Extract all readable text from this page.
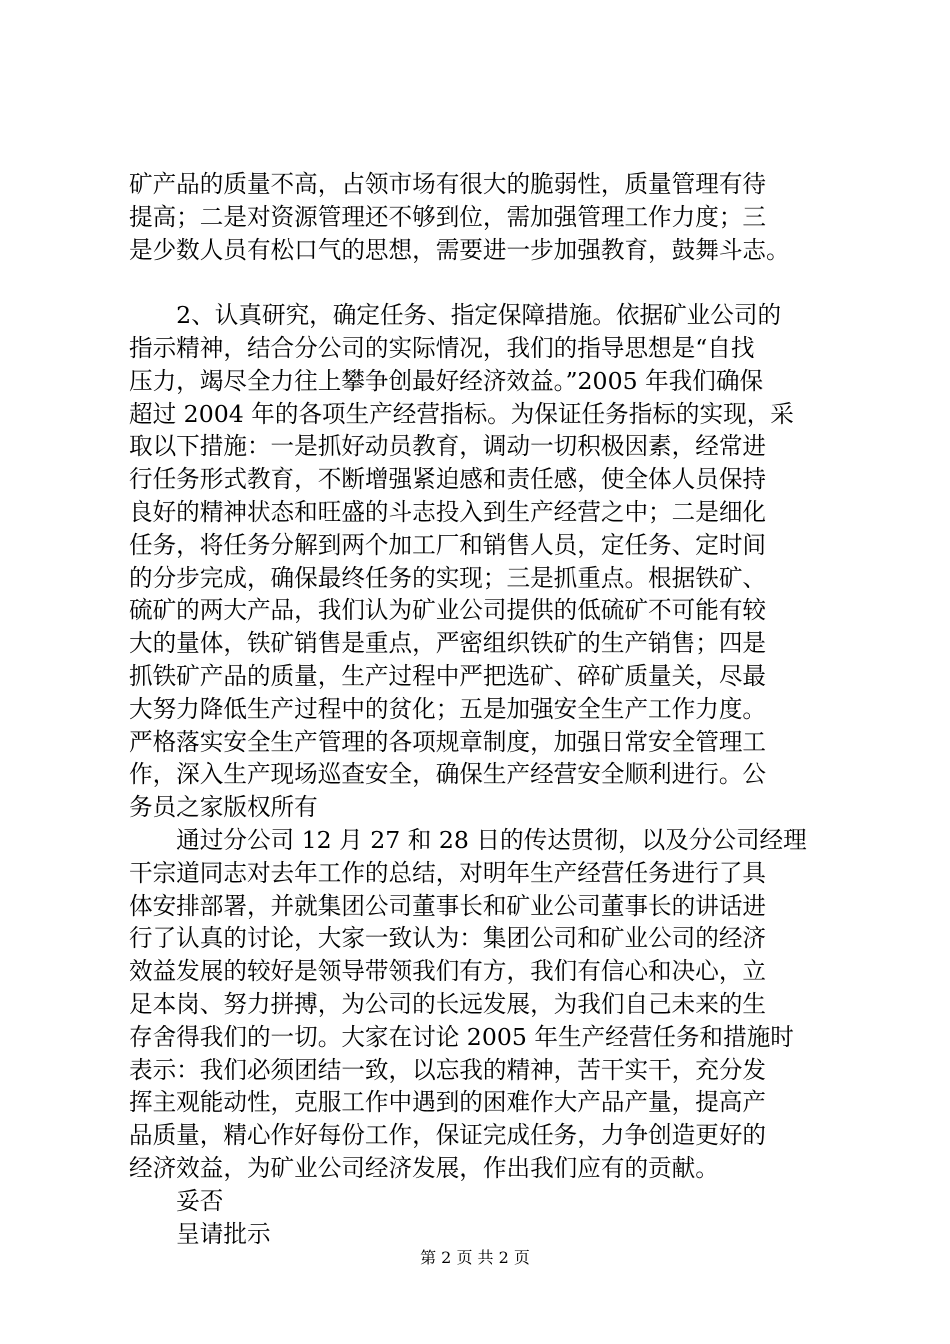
矿产品的质量不高，占领市场有很大的脆弱性，质量管理有待
提高；二是对资源管理还不够到位，需加强管理工作力度；三
是少数人员有松口气的思想，需要进一步加强教育，鼓舞斗志。
　　2、认真研究，确定任务、指定保障措施。依据矿业公司的
指示精神，结合分公司的实际情况，我们的指导思想是“自找
压力，竭尽全力往上攀争创最好经济效益。”2005 年我们确保
超过 2004 年的各项生产经营指标。为保证任务指标的实现，采
取以下措施：一是抓好动员教育，调动一切积极因素，经常进
行任务形式教育，不断增强紧迫感和责任感，使全体人员保持
良好的精神状态和旺盛的斗志投入到生产经营之中；二是细化
任务，将任务分解到两个加工厂和销售人员，定任务、定时间
的分步完成，确保最终任务的实现；三是抓重点。根据铁矿、
硫矿的两大产品，我们认为矿业公司提供的低硫矿不可能有较
大的量体，铁矿销售是重点，严密组织铁矿的生产销售；四是
抓铁矿产品的质量，生产过程中严把选矿、碎矿质量关，尽最
大努力降低生产过程中的贫化；五是加强安全生产工作力度。
严格落实安全生产管理的各项规章制度，加强日常安全管理工
作，深入生产现场巡查安全，确保生产经营安全顺利进行。公
务员之家版权所有
　　通过分公司 12 月 27 和 28 日的传达贯彻，以及分公司经理
干宗道同志对去年工作的总结，对明年生产经营任务进行了具
体安排部署，并就集团公司董事长和矿业公司董事长的讲话进
行了认真的讨论，大家一致认为：集团公司和矿业公司的经济
效益发展的较好是领导带领我们有方，我们有信心和决心，立
足本岗、努力拼搏，为公司的长远发展，为我们自己未来的生
存舍得我们的一切。大家在讨论 2005 年生产经营任务和措施时
表示：我们必须团结一致，以忘我的精神，苦干实干，充分发
挥主观能动性，克服工作中遇到的困难作大产品产量，提高产
品质量，精心作好每份工作，保证完成任务，力争创造更好的
经济效益，为矿业公司经济发展，作出我们应有的贡献。
　　妥否
　　呈请批示
第 2 页 共 2 页
